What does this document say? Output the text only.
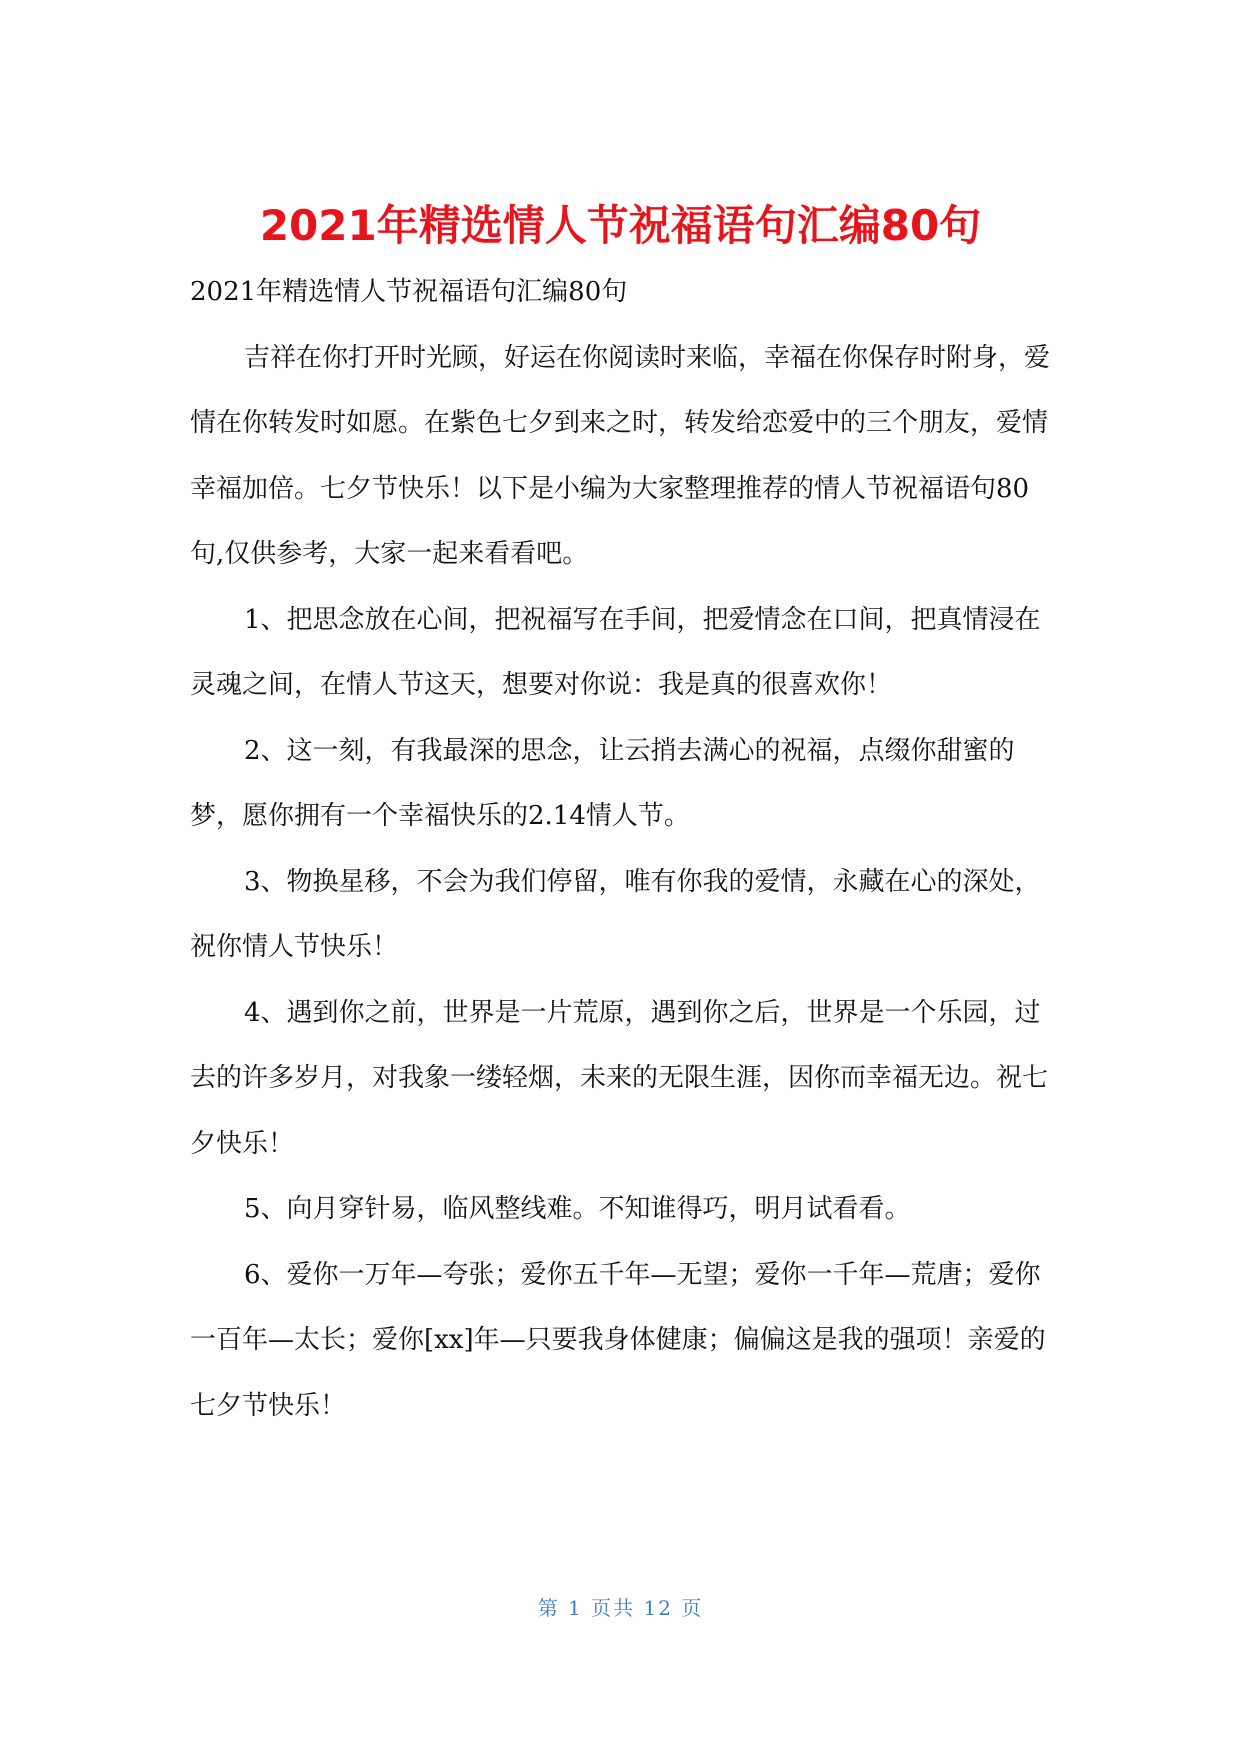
2021年精选情人节祝福语句汇编80句

2021年精选情人节祝福语句汇编80句

吉祥在你打开时光顾，好运在你阅读时来临，幸福在你保存时附身，爱情在你转发时如愿。在紫色七夕到来之时，转发给恋爱中的三个朋友，爱情幸福加倍。七夕节快乐！以下是小编为大家整理推荐的情人节祝福语句80句,仅供参考，大家一起来看看吧。

1、把思念放在心间，把祝福写在手间，把爱情念在口间，把真情浸在灵魂之间，在情人节这天，想要对你说：我是真的很喜欢你！

2、这一刻，有我最深的思念，让云捎去满心的祝福，点缀你甜蜜的梦，愿你拥有一个幸福快乐的2.14情人节。

3、物换星移，不会为我们停留，唯有你我的爱情，永藏在心的深处，祝你情人节快乐！

4、遇到你之前，世界是一片荒原，遇到你之后，世界是一个乐园，过去的许多岁月，对我象一缕轻烟，未来的无限生涯，因你而幸福无边。祝七夕快乐！

5、向月穿针易，临风整线难。不知谁得巧，明月试看看。

6、爱你一万年—夸张；爱你五千年—无望；爱你一千年—荒唐；爱你一百年—太长；爱你[xx]年—只要我身体健康；偏偏这是我的强项！亲爱的七夕节快乐！

第 1 页共 12 页
